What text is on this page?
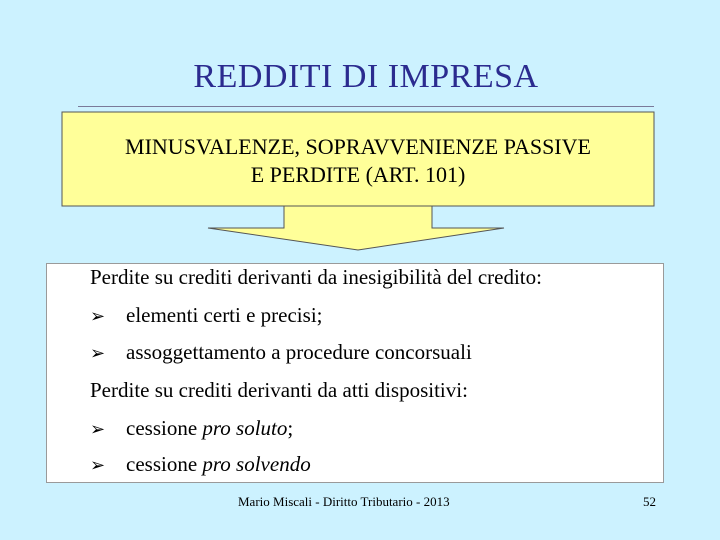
REDDITI DI IMPRESA
MINUSVALENZE, SOPRAVVENIENZE PASSIVE
E PERDITE (ART. 101)
Perdite su crediti derivanti da inesigibilità del credito:
➢ elementi certi e precisi;
➢ assoggettamento a procedure concorsuali
Perdite su crediti derivanti da atti dispositivi:
➢ cessione pro soluto;
➢ cessione pro solvendo
Mario Miscali - Diritto Tributario - 2013	52
